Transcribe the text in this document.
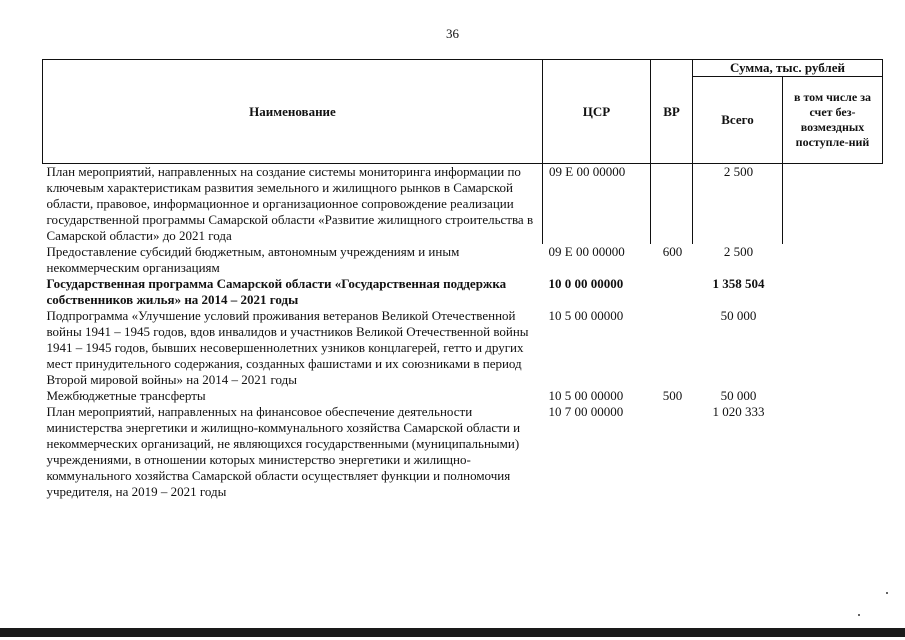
36
Наименование	ЦСР	ВР	Сумма, тыс. рублей	
			Всего	в том числе за счет без-возмездных поступле-ний
План мероприятий, направленных на создание системы мониторинга информации по ключевым характеристикам развития земельного и жилищного рынков в Самарской области, правовое, информационное и организационное сопровождение реализации государственной программы Самарской области «Развитие жилищного строительства в Самарской области» до 2021 года	09 Е 00 00000		2 500	
Предоставление субсидий бюджетным, автономным учреждениям и иным некоммерческим организациям	09 Е 00 00000	600	2 500	
Государственная программа Самарской области «Государственная поддержка собственников жилья» на 2014 – 2021 годы	10 0 00 00000		1 358 504	
Подпрограмма «Улучшение условий проживания ветеранов Великой Отечественной войны 1941 – 1945 годов, вдов инвалидов и участников Великой Отечественной войны 1941 – 1945 годов, бывших несовершеннолетних узников концлагерей, гетто и других мест принудительного содержания, созданных фашистами и их союзниками в период Второй мировой войны» на 2014 – 2021 годы	10 5 00 00000		50 000	
Межбюджетные трансферты	10 5 00 00000	500	50 000	
План мероприятий, направленных на финансовое обеспечение деятельности министерства энергетики и жилищно-коммунального хозяйства Самарской области и некоммерческих организаций, не являющихся государственными (муниципальными) учреждениями, в отношении которых министерство энергетики и жилищно-коммунального хозяйства Самарской области осуществляет функции и полномочия учредителя, на 2019 – 2021 годы	10 7 00 00000		1 020 333	
